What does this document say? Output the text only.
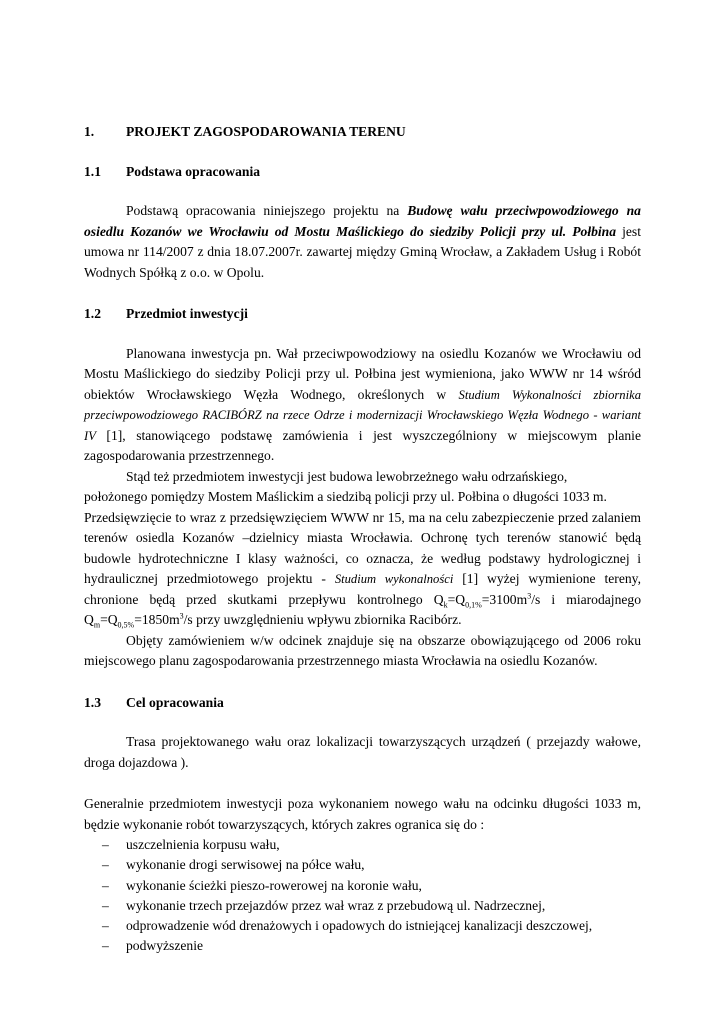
1.	PROJEKT ZAGOSPODAROWANIA TERENU
1.1	Podstawa opracowania

Podstawą opracowania niniejszego projektu na Budowę wału przeciwpowodziowego na osiedlu Kozanów we Wrocławiu od Mostu Maślickiego do siedziby Policji przy ul. Połbina jest umowa nr 114/2007 z dnia 18.07.2007r. zawartej między Gminą Wrocław, a Zakładem Usług i Robót Wodnych Spółką z o.o. w Opolu.

1.2	Przedmiot inwestycji

Planowana inwestycja pn. Wał przeciwpowodziowy na osiedlu Kozanów we Wrocławiu od Mostu Maślickiego do siedziby Policji przy ul. Połbina jest wymieniona, jako WWW nr 14 wśród obiektów Wrocławskiego Węzła Wodnego, określonych w Studium Wykonalności zbiornika przeciwpowodziowego RACIBÓRZ na rzece Odrze i modernizacji Wrocławskiego Węzła Wodnego - wariant IV [1], stanowiącego podstawę zamówienia i jest wyszczególniony w miejscowym planie zagospodarowania przestrzennego.

Stąd też przedmiotem inwestycji jest budowa lewobrzeżnego wału odrzańskiego,
położonego pomiędzy Mostem Maślickim a siedzibą policji przy ul. Połbina o długości 1033 m.

Przedsięwzięcie to wraz z przedsięwzięciem WWW nr 15, ma na celu zabezpieczenie przed zalaniem terenów osiedla Kozanów –dzielnicy miasta Wrocławia. Ochronę tych terenów stanowić będą budowle hydrotechniczne I klasy ważności, co oznacza, że według podstawy hydrologicznej i hydraulicznej przedmiotowego projektu - Studium wykonalności [1] wyżej wymienione tereny, chronione będą przed skutkami przepływu kontrolnego $Q_k=Q_{0,1\%}=3100m^3/s$ i miarodajnego $Q_m=Q_{0,5\%}=1850m^3/s$ przy uwzględnieniu wpływu zbiornika Racibórz.

Objęty zamówieniem w/w odcinek znajduje się na obszarze obowiązującego od 2006 roku miejscowego planu zagospodarowania przestrzennego miasta Wrocławia na osiedlu Kozanów.

1.3	Cel opracowania

Trasa projektowanego wału oraz lokalizacji towarzyszących urządzeń ( przejazdy wałowe, droga dojazdowa ).

Generalnie przedmiotem inwestycji poza wykonaniem nowego wału na odcinku długości 1033 m, będzie wykonanie robót towarzyszących, których zakres ogranica się do :

–	uszczelnienia korpusu wału,
–	wykonanie drogi serwisowej na półce wału,
–	wykonanie ścieżki pieszo-rowerowej na koronie wału,
–	wykonanie trzech przejazdów przez wał wraz z przebudową ul. Nadrzecznej,
–	odprowadzenie wód drenażowych i opadowych do istniejącej kanalizacji deszczowej,
–	podwyższenie
